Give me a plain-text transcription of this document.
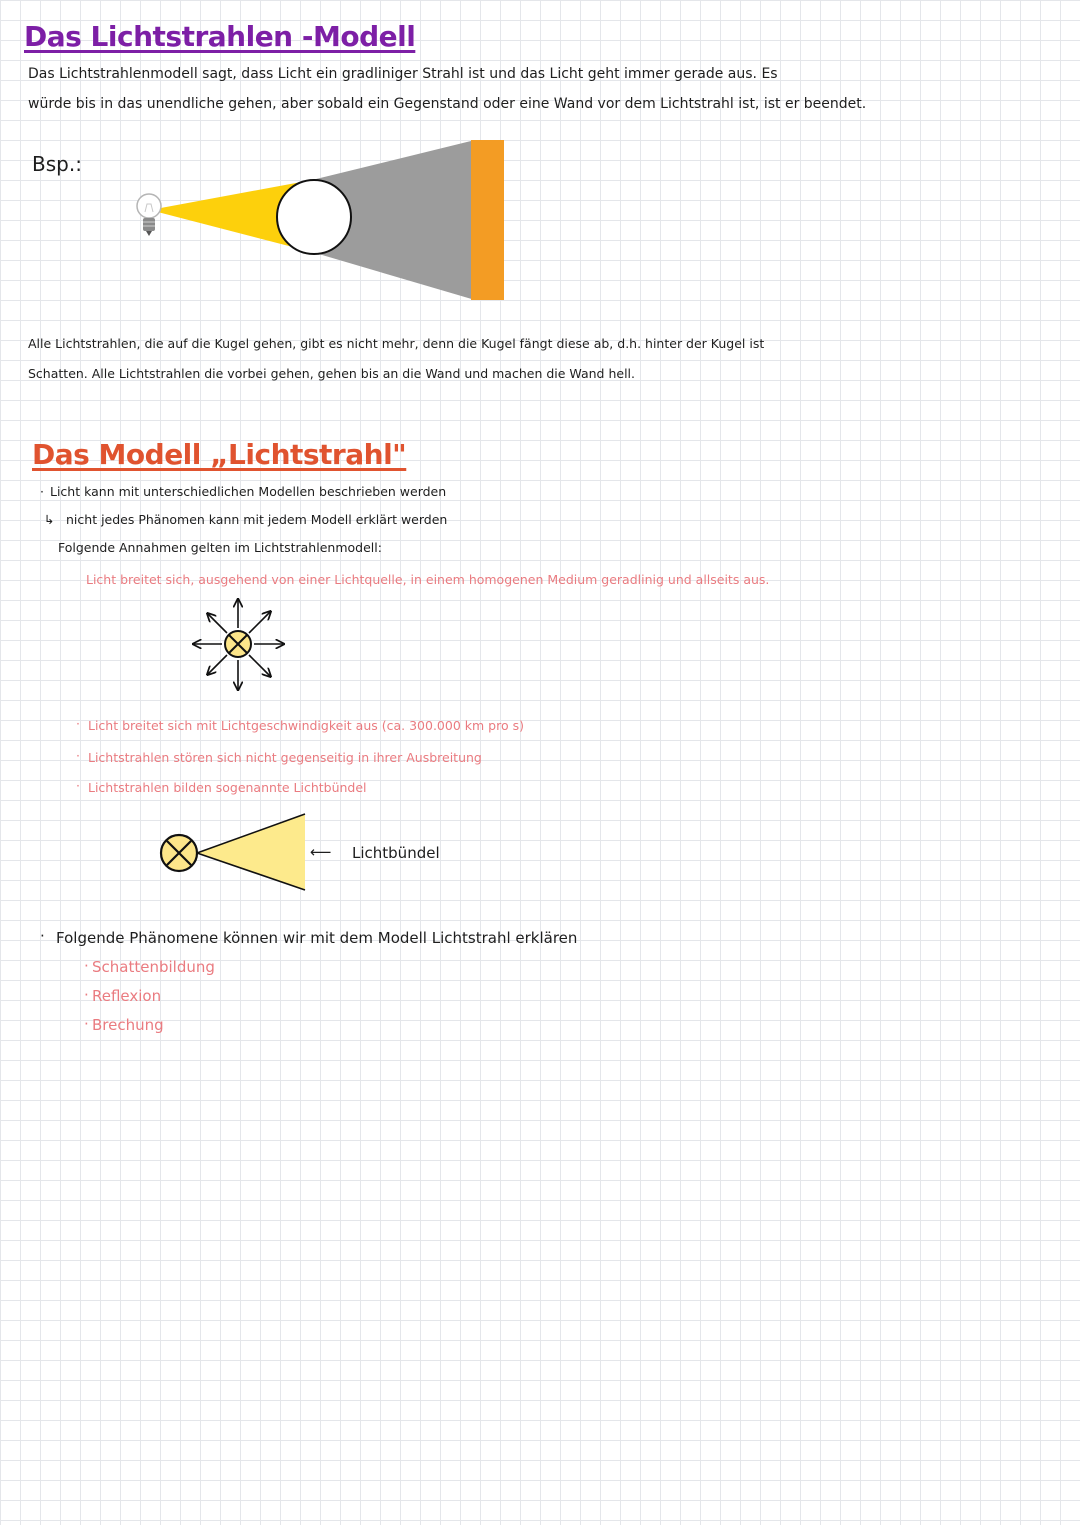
Das Lichtstrahlen -Modell

Das Lichtstrahlenmodell sagt, dass Licht ein gradliniger Strahl ist und das Licht geht immer gerade aus. Es

würde bis in das unendliche gehen, aber sobald ein Gegenstand oder eine Wand vor dem Lichtstrahl ist, ist er beendet.

Bsp.:

Alle Lichtstrahlen, die auf die Kugel gehen, gibt es nicht mehr, denn die Kugel fängt diese ab, d.h. hinter der Kugel ist

Schatten. Alle Lichtstrahlen die vorbei gehen, gehen bis an die Wand und machen die Wand hell.

Das Modell „Lichtstrahl"

· Licht kann mit unterschiedlichen Modellen beschrieben werden

↳ nicht jedes Phänomen kann mit jedem Modell erklärt werden

Folgende Annahmen gelten im Lichtstrahlenmodell:

Licht breitet sich, ausgehend von einer Lichtquelle, in einem homogenen Medium geradlinig und allseits aus.

· Licht breitet sich mit Lichtgeschwindigkeit aus (ca. 300.000 km pro s)

· Lichtstrahlen stören sich nicht gegenseitig in ihrer Ausbreitung

· Lichtstrahlen bilden sogenannte Lichtbündel

⟵ Lichtbündel

· Folgende Phänomene können wir mit dem Modell Lichtstrahl erklären

· Schattenbildung

· Reflexion

· Brechung
